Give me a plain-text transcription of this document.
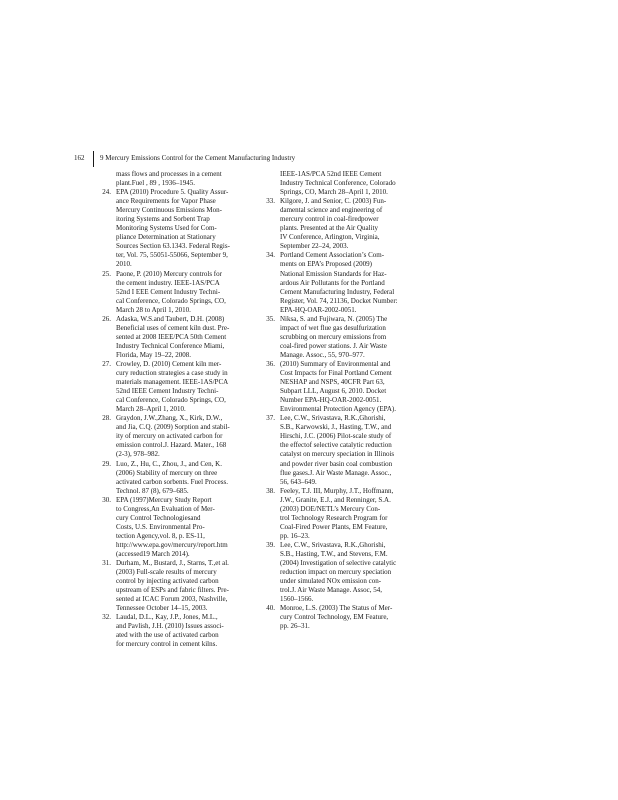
162 9 Mercury Emissions Control for the Cement Manufacturing Industry
mass flows and processes in a cement
plant.Fuel , 89 , 1936–1945.
24. EPA (2010) Procedure 5. Quality Assur-
ance Requirements for Vapor Phase
Mercury Continuous Emissions Mon-
itoring Systems and Sorbent Trap
Monitoring Systems Used for Com-
pliance Determination at Stationary
Sources Section 63.1343. Federal Regis-
ter, Vol. 75, 55051-55066, September 9,
2010.
25. Paone, P. (2010) Mercury controls for
the cement industry. IEEE-1AS/PCA
52nd I EEE Cement Industry Techni-
cal Conference, Colorado Springs, CO,
March 28 to April 1, 2010.
26. Adaska, W.S.and Taubert, D.H. (2008)
Beneficial uses of cement kiln dust. Pre-
sented at 2008 IEEE/PCA 50th Cement
Industry Technical Conference Miami,
Florida, May 19–22, 2008.
27. Crowley, D. (2010) Cement kiln mer-
cury reduction strategies a case study in
materials management. IEEE-1AS/PCA
52nd IEEE Cement Industry Techni-
cal Conference, Colorado Springs, CO,
March 28–April 1, 2010.
28. Graydon, J.W.,Zhang, X., Kirk, D.W.,
and Jia, C.Q. (2009) Sorption and stabil-
ity of mercury on activated carbon for
emission control.J. Hazard. Mater., 168
(2-3), 978–982.
29. Luo, Z., Hu, C., Zhou, J., and Cen, K.
(2006) Stability of mercury on three
activated carbon sorbents. Fuel Process.
Technol. 87 (8), 679–685.
30. EPA (1997)Mercury Study Report
to Congress,An Evaluation of Mer-
cury Control Technologiesand
Costs, U.S. Environmental Pro-
tection Agency,vol. 8, p. ES-11,
http://www.epa.gov/mercury/report.htm
(accessed19 March 2014).
31. Durham, M., Bustard, J., Starns, T.,et al.
(2003) Full-scale results of mercury
control by injecting activated carbon
upstream of ESPs and fabric filters. Pre-
sented at ICAC Forum 2003, Nashville,
Tennessee October 14–15, 2003.
32. Laudal, D.L., Kay, J.P., Jones, M.L.,
and Pavlish, J.H. (2010) Issues associ-
ated with the use of activated carbon
for mercury control in cement kilns.
IEEE-1AS/PCA 52nd IEEE Cement
Industry Technical Conference, Colorado
Springs, CO, March 28–April 1, 2010.
33. Kilgore, J. and Senior, C. (2003) Fun-
damental science and engineering of
mercury control in coal-firedpower
plants. Presented at the Air Quality
IV Conference, Arlington, Virginia,
September 22–24, 2003.
34. Portland Cement Association’s Com-
ments on EPA’s Proposed (2009)
National Emission Standards for Haz-
ardous Air Pollutants for the Portland
Cement Manufacturing Industry, Federal
Register, Vol. 74, 21136, Docket Number:
EPA-HQ-OAR-2002-0051.
35. Niksa, S. and Fujiwara, N. (2005) The
impact of wet flue gas desulfurization
scrubbing on mercury emissions from
coal-fired power stations. J. Air Waste
Manage. Assoc., 55, 970–977.
36. (2010) Summary of Environmental and
Cost Impacts for Final Portland Cement
NESHAP and NSPS, 40CFR Part 63,
Subpart LLL, August 6, 2010. Docket
Number EPA-HQ-OAR-2002-0051.
Environmental Protection Agency (EPA).
37. Lee, C.W., Srivastava, R.K.,Ghorishi,
S.B., Karwowski, J., Hasting, T.W., and
Hirschi, J.C. (2006) Pilot-scale study of
the effectof selective catalytic reduction
catalyst on mercury speciation in Illinois
and powder river basin coal combustion
flue gases.J. Air Waste Manage. Assoc.,
56, 643–649.
38. Feeley, T.J. III, Murphy, J.T., Hoffmann,
J.W., Granite, E.J., and Renninger, S.A.
(2003) DOE/NETL’s Mercury Con-
trol Technology Research Program for
Coal-Fired Power Plants, EM Feature,
pp. 16–23.
39. Lee, C.W., Srivastava, R.K.,Ghorishi,
S.B., Hasting, T.W., and Stevens, F.M.
(2004) Investigation of selective catalytic
reduction impact on mercury speciation
under simulated NOx emission con-
trol.J. Air Waste Manage. Assoc, 54,
1560–1566.
40. Monroe, L.S. (2003) The Status of Mer-
cury Control Technology, EM Feature,
pp. 26–31.
